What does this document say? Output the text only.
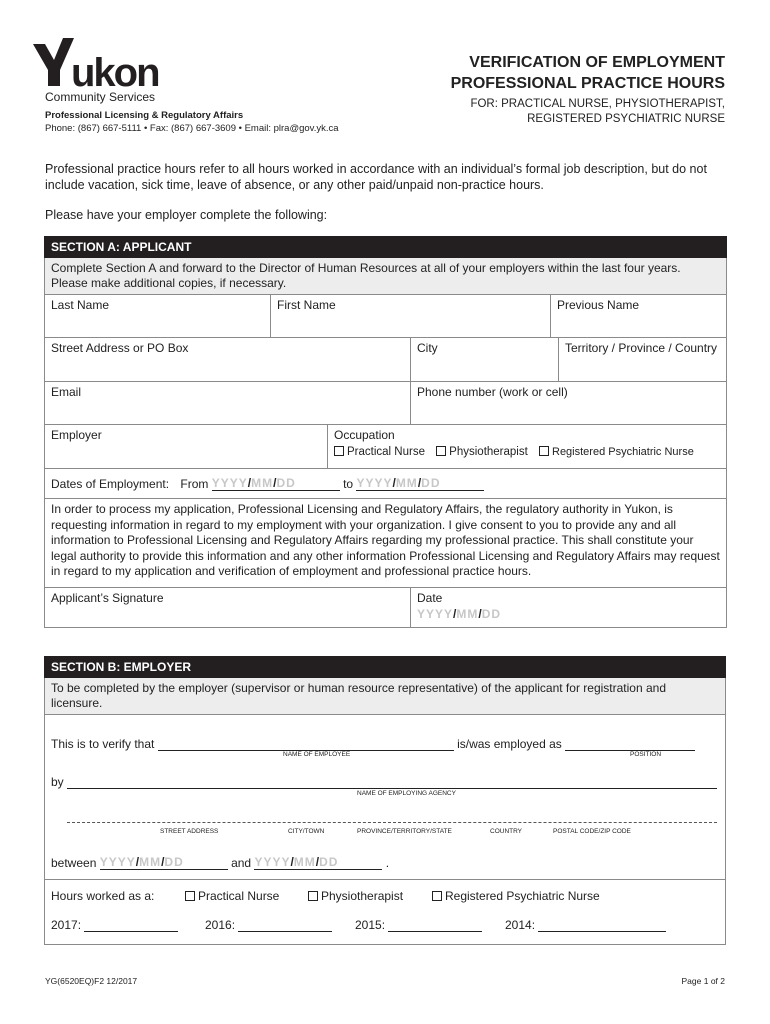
ukon
Community Services
Professional Licensing & Regulatory Affairs
Phone: (867) 667-5111 • Fax: (867) 667-3609 • Email: plra@gov.yk.ca
VERIFICATION OF EMPLOYMENT
PROFESSIONAL PRACTICE HOURS
FOR: PRACTICAL NURSE, PHYSIOTHERAPIST,
REGISTERED PSYCHIATRIC NURSE
Professional practice hours refer to all hours worked in accordance with an individual’s formal job description, but do not include vacation, sick time, leave of absence, or any other paid/unpaid non-practice hours.
Please have your employer complete the following:
SECTION A: APPLICANT					
Complete Section A and forward to the Director of Human Resources at all of your employers within the last four years. Please make additional copies, if necessary.					
Last Name	First Name			Previous Name	
Street Address or PO Box			City		Territory / Province / Country
Email			Phone number (work or cell)		
Employer		Occupation
Practical Nurse Physiotherapist Registered Psychiatric Nurse			

Dates of Employment: From YYYY/MM/DD to YYYY/MM/DD					
In order to process my application, Professional Licensing and Regulatory Affairs, the regulatory authority in Yukon, is requesting information in regard to my employment with your organization. I give consent to you to provide any and all information to Professional Licensing and Regulatory Affairs regarding my professional practice. This shall constitute your legal authority to provide this information and any other information Professional Licensing and Regulatory Affairs may request in regard to my application and verification of employment and professional practice hours.					
Applicant’s Signature			Date
YYYY/MM/DD		
SECTION B: EMPLOYER
To be completed by the employer (supervisor or human resource representative) of the applicant for registration and licensure.

This is to verify that	is/was employed as
NAME OF EMPLOYEE	POSITION
by
NAME OF EMPLOYING AGENCY
STREET ADDRESS	CITY/TOWN	PROVINCE/TERRITORY/STATE	COUNTRY	POSTAL CODE/ZIP CODE
between YYYY/MM/DD	and YYYY/MM/DD	.

Hours worked as a:	Practical Nurse	Physiotherapist	Registered Psychiatric Nurse
2017:	2016:	2015:	2014:
YG(6520EQ)F2 12/2017	Page 1 of 2
